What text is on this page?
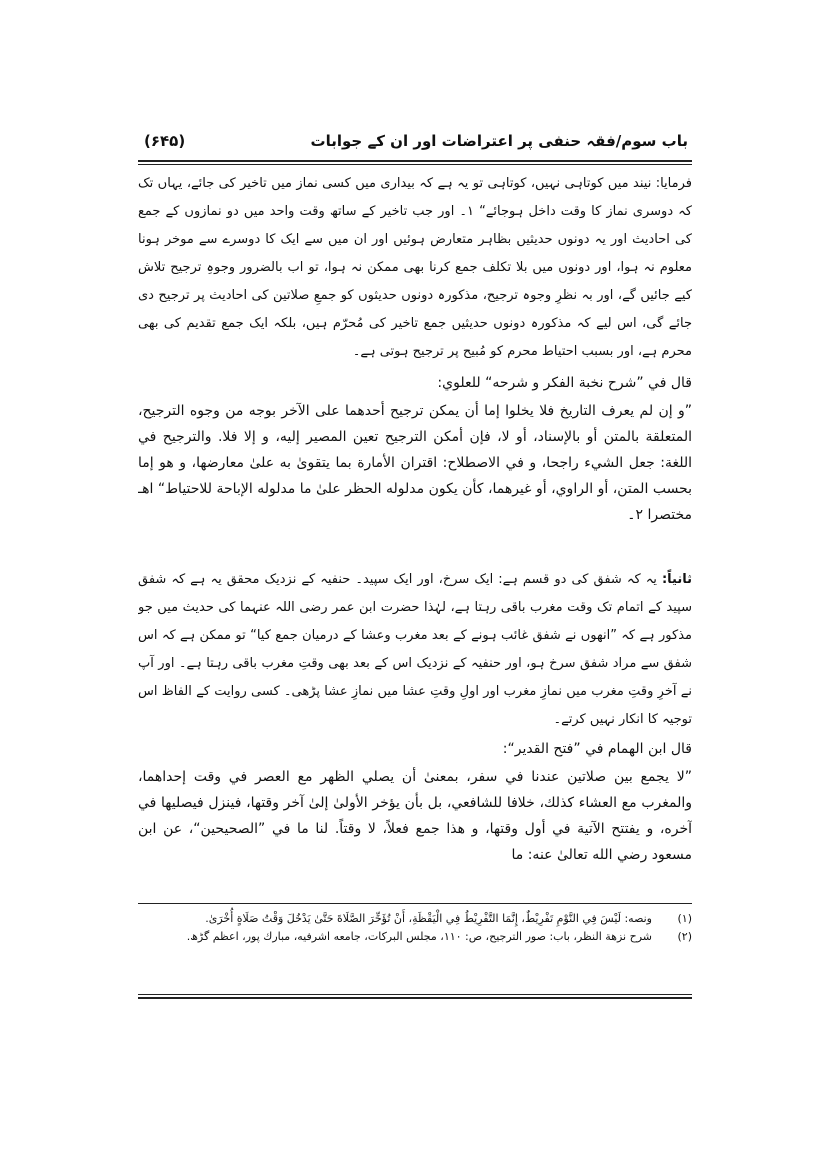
باب سوم/فقہ حنفی پر اعتراضات اور ان کے جوابات
(۶۴۵)
فرمایا: نیند میں کوتاہی نہیں، کوتاہی تو یہ ہے کہ بیداری میں کسی نماز میں تاخیر کی جائے، یہاں تک کہ دوسری نماز کا وقت داخل ہوجائے“ ۱۔ اور جب تاخیر کے ساتھ وقت واحد میں دو نمازوں کے جمع کی احادیث اور یہ دونوں حدیثیں بظاہر متعارض ہوئیں اور ان میں سے ایک کا دوسرے سے موخر ہونا معلوم نہ ہوا، اور دونوں میں بلا تکلف جمع کرنا بھی ممکن نہ ہوا، تو اب بالضرور وجوہِ ترجیح تلاش کیے جائیں گے، اور بہ نظرِ وجوہ ترجیح، مذکورہ دونوں حدیثوں کو جمعِ صلاتین کی احادیث پر ترجیح دی جائے گی، اس لیے کہ مذکورہ دونوں حدیثیں جمع تاخیر کی مُحرّم ہیں، بلکہ ایک جمع تقدیم کی بھی محرم ہے، اور بسبب احتیاط محرم کو مُبیح پر ترجیح ہوتی ہے۔
قال في ”شرح نخبة الفكر و شرحه“ للعلوي:
”و إن لم يعرف التاريخ فلا يخلوا إما أن يمكن ترجيح أحدهما على الآخر بوجه من وجوه الترجيح، المتعلقة بالمتن أو بالإسناد، أو لا، فإن أمكن الترجيح تعين المصير إليه، و إلا فلا. والترجيح في اللغة: جعل الشيء راجحا، و في الاصطلاح: اقتران الأمارة بما يتقوىٰ به علىٰ معارضها، و هو إما بحسب المتن، أو الراوي، أو غيرهما، كأن يكون مدلوله الحظر علىٰ ما مدلوله الإباحة للاحتياط“ اهـ مختصرا ۲۔
ثانیاً: یہ کہ شفق کی دو قسم ہے: ایک سرخ، اور ایک سپید۔ حنفیہ کے نزدیک محقق یہ ہے کہ شفق سپید کے اتمام تک وقت مغرب باقی رہتا ہے، لہٰذا حضرت ابن عمر رضی اللہ عنہما کی حدیث میں جو مذکور ہے کہ ”انھوں نے شفق غائب ہونے کے بعد مغرب وعشا کے درمیان جمع کیا“ تو ممکن ہے کہ اس شفق سے مراد شفق سرخ ہو، اور حنفیہ کے نزدیک اس کے بعد بھی وقتِ مغرب باقی رہتا ہے۔ اور آپ نے آخرِ وقتِ مغرب میں نمازِ مغرب اور اولِ وقتِ عشا میں نمازِ عشا پڑھی۔ کسی روایت کے الفاظ اس توجیہ کا انکار نہیں کرتے۔
قال ابن الهمام في ”فتح القدير“:
”لا يجمع بين صلاتين عندنا في سفر، بمعنىٰ أن يصلي الظهر مع العصر في وقت إحداهما، والمغرب مع العشاء كذلك، خلافا للشافعي، بل بأن يؤخر الأولىٰ إلىٰ آخر وقتها، فينزل فيصليها في آخره، و يفتتح الآتية في أول وقتها، و هذا جمع فعلاً، لا وقتاً. لنا ما في ”الصحيحين“، عن ابن مسعود رضي الله تعالىٰ عنه: ما
(۱)
ونصه: لَيْسَ فِي النَّوْمِ تَفْرِيْطٌ، إِنَّمَا التَّفْرِيْطُ فِي الْيَقْظَةِ، أَنْ تُؤَخِّرَ الصَّلَاةَ حَتَّىٰ يَدْخُلَ وَقْتُ صَلَاةٍ أُخْرَىٰ.
(۲)
شرح نزهة النظر، باب: صور الترجيح، ص: ۱۱۰، مجلس البركات، جامعه اشرفيه، مبارك پور، اعظم گڑھ.
